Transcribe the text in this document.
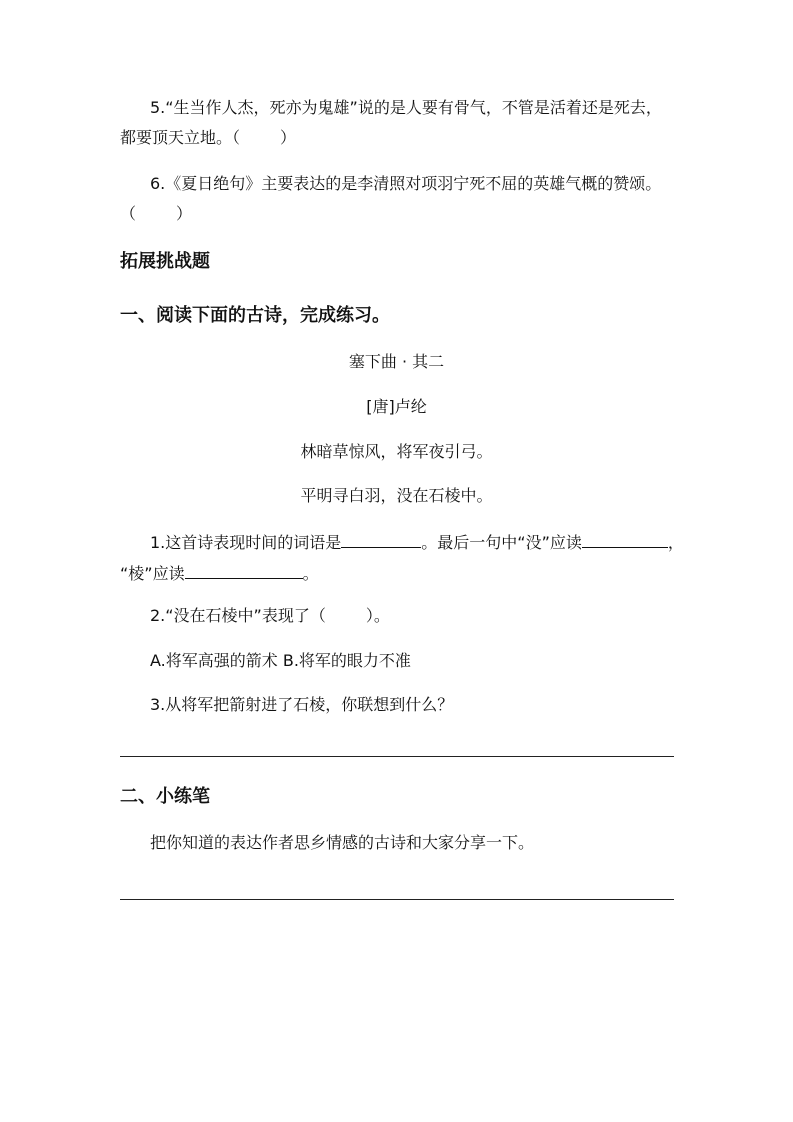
5.“生当作人杰，死亦为鬼雄”说的是人要有骨气，不管是活着还是死去，
都要顶天立地。（	）
6.《夏日绝句》主要表达的是李清照对项羽宁死不屈的英雄气概的赞颂。
（	）
拓展挑战题
一、阅读下面的古诗，完成练习。
塞下曲 · 其二
[唐]卢纶
林暗草惊风，将军夜引弓。
平明寻白羽，没在石棱中。
1.这首诗表现时间的词语是	。最后一句中“没”应读	，
“棱”应读	。
2.“没在石棱中”表现了（	）。
A.将军高强的箭术 B.将军的眼力不准
3.从将军把箭射进了石棱，你联想到什么？
二、小练笔
把你知道的表达作者思乡情感的古诗和大家分享一下。
